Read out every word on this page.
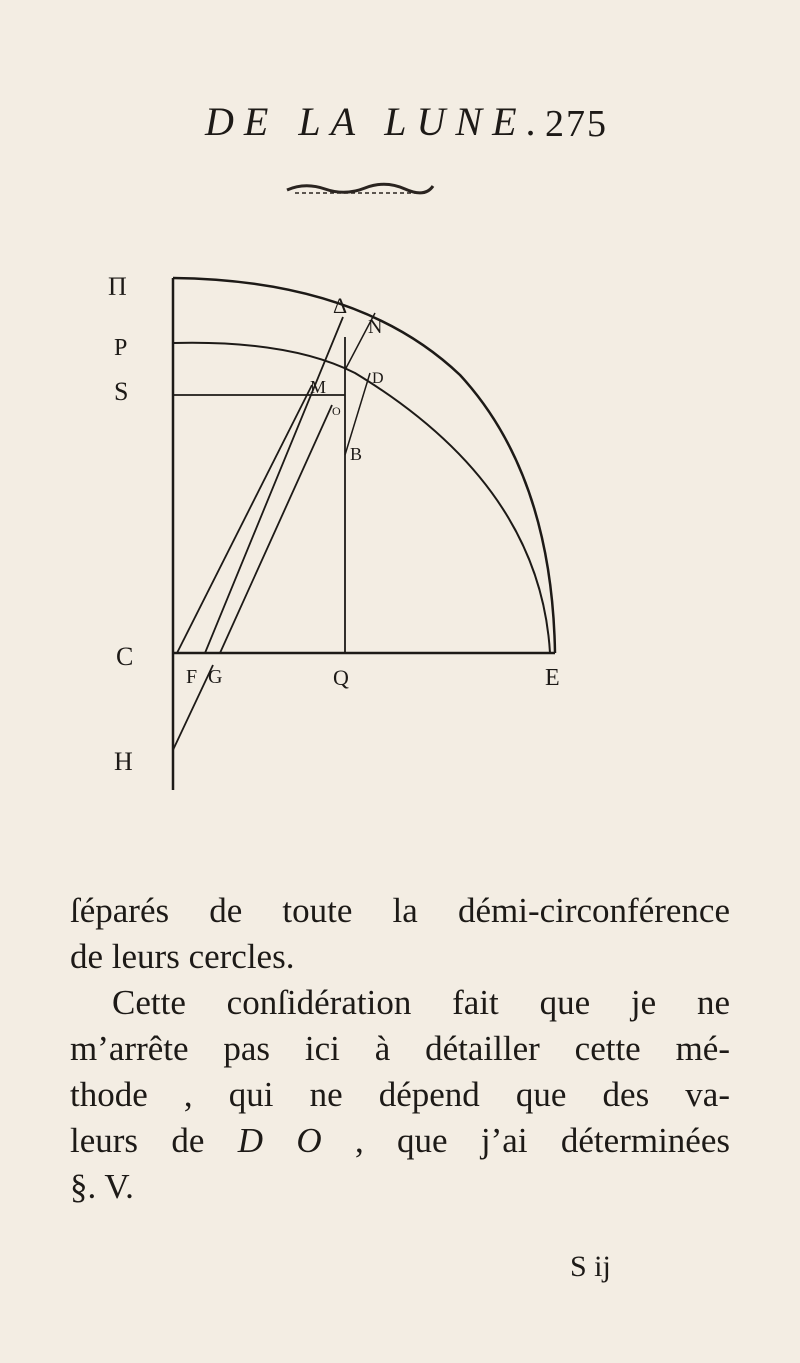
DE LA LUNE.
275
Π
P
S
C
H
Δ
N
M	D
O
B
F G	Q	E

ſéparés de toute la démi-circonférence

de leurs cercles.

Cette conſidération fait que je ne

m’arrête pas ici à détailler cette mé-

thode , qui ne dépend que des va-

leurs de D O , que j’ai déterminées

§. V.

S ij
